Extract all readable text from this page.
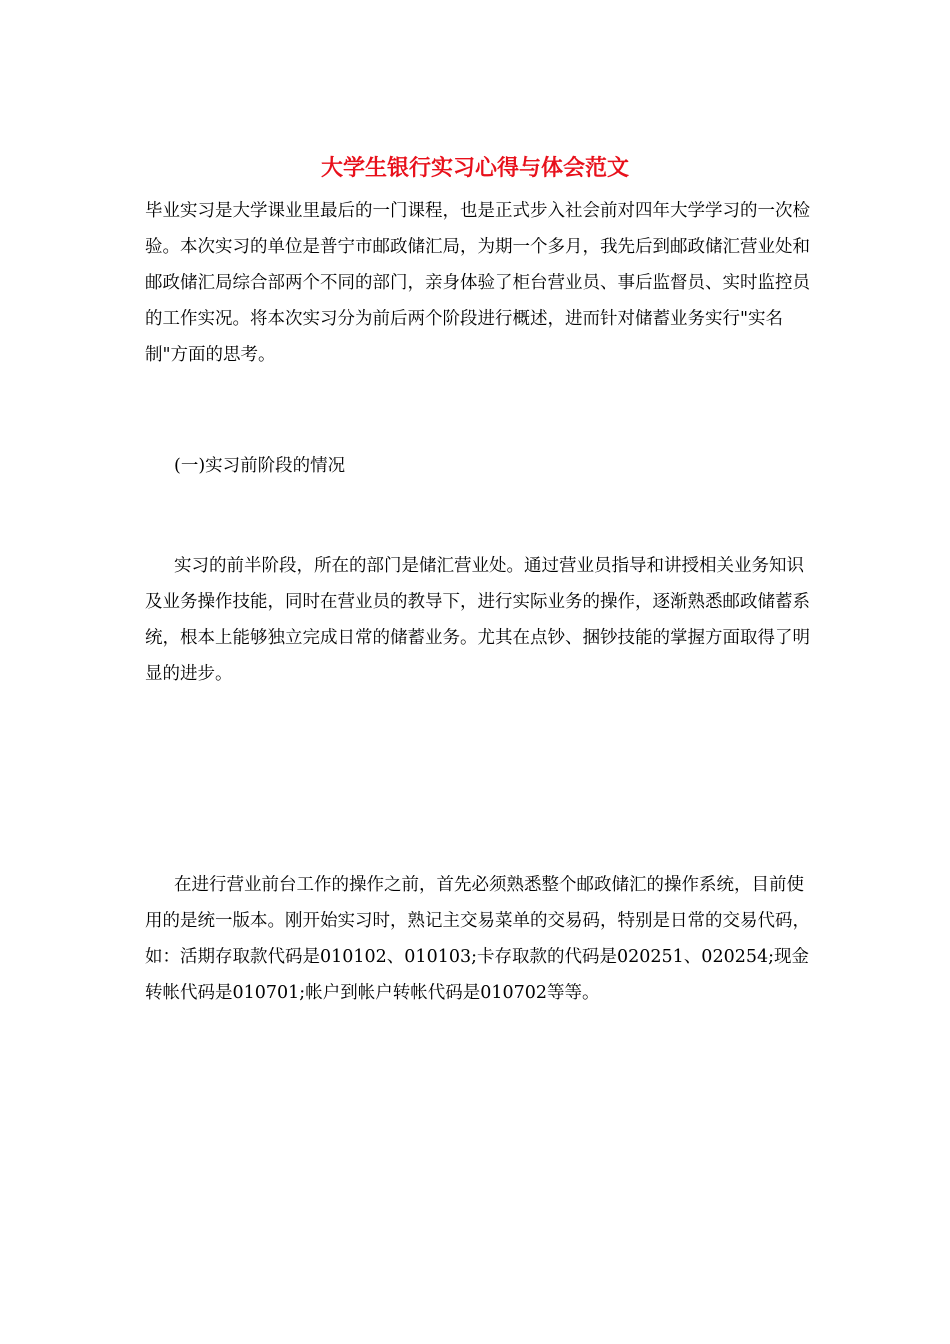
大学生银行实习心得与体会范文

毕业实习是大学课业里最后的一门课程，也是正式步入社会前对四年大学学习的一次检验。本次实习的单位是普宁市邮政储汇局，为期一个多月，我先后到邮政储汇营业处和邮政储汇局综合部两个不同的部门，亲身体验了柜台营业员、事后监督员、实时监控员的工作实况。将本次实习分为前后两个阶段进行概述，进而针对储蓄业务实行"实名制"方面的思考。

(一)实习前阶段的情况

实习的前半阶段，所在的部门是储汇营业处。通过营业员指导和讲授相关业务知识及业务操作技能，同时在营业员的教导下，进行实际业务的操作，逐渐熟悉邮政储蓄系统，根本上能够独立完成日常的储蓄业务。尤其在点钞、捆钞技能的掌握方面取得了明显的进步。

在进行营业前台工作的操作之前，首先必须熟悉整个邮政储汇的操作系统，目前使用的是统一版本。刚开始实习时，熟记主交易菜单的交易码，特别是日常的交易代码，如：活期存取款代码是010102、010103;卡存取款的代码是020251、020254;现金转帐代码是010701;帐户到帐户转帐代码是010702等等。
